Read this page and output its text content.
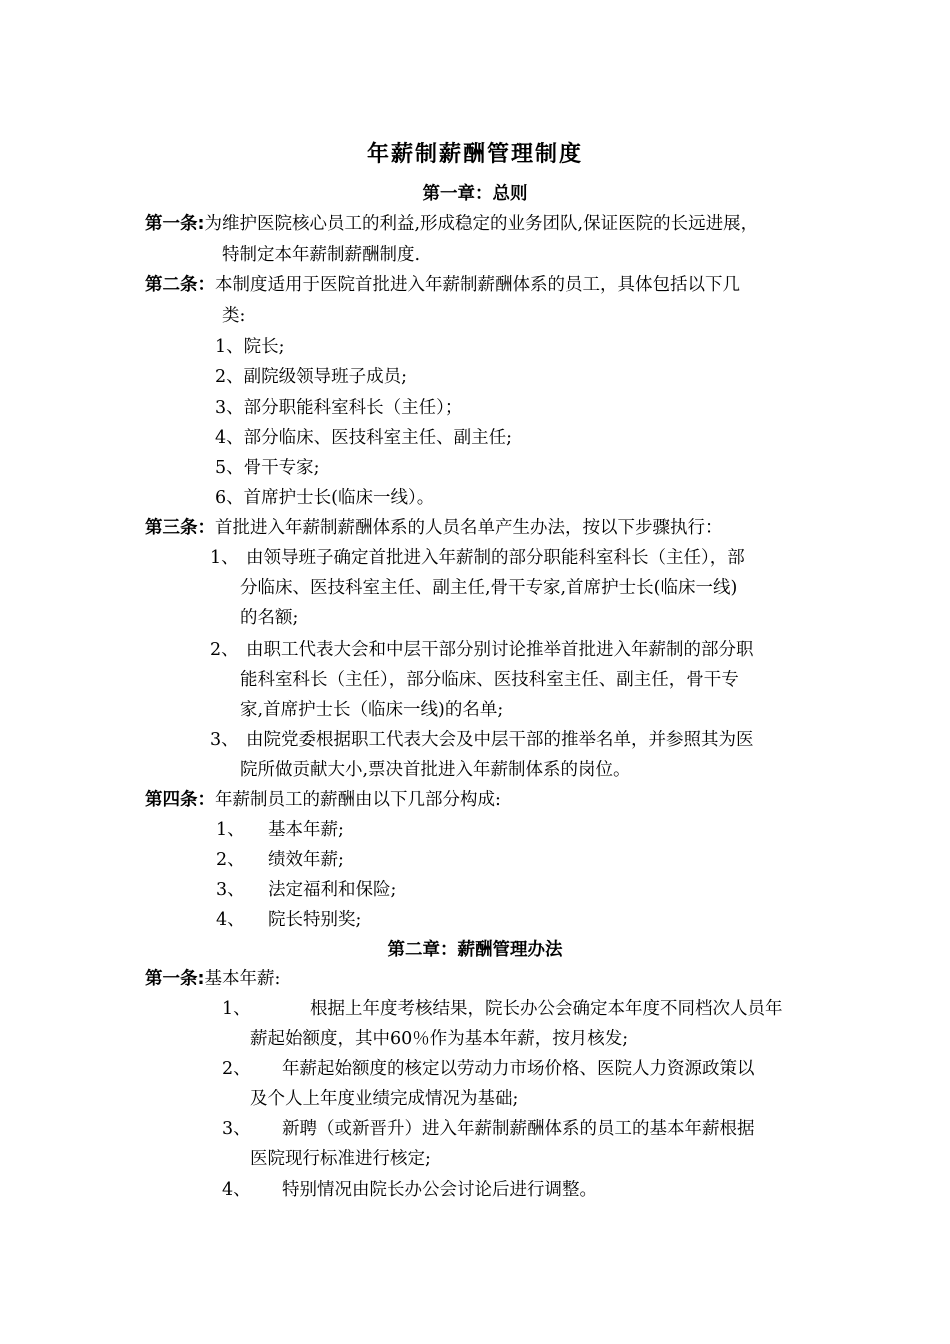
年薪制薪酬管理制度
第一章：总则
第一条:为维护医院核心员工的利益,形成稳定的业务团队,保证医院的长远进展，
特制定本年薪制薪酬制度.
第二条：本制度适用于医院首批进入年薪制薪酬体系的员工，具体包括以下几
类:
1、院长;
2、副院级领导班子成员;
3、部分职能科室科长（主任）；
4、部分临床、医技科室主任、副主任;
5、骨干专家;
6、首席护士长(临床一线）。
第三条：首批进入年薪制薪酬体系的人员名单产生办法，按以下步骤执行：
1、 由领导班子确定首批进入年薪制的部分职能科室科长（主任），部
分临床、医技科室主任、副主任,骨干专家,首席护士长(临床一线)
的名额;
2、 由职工代表大会和中层干部分别讨论推举首批进入年薪制的部分职
能科室科长（主任），部分临床、医技科室主任、副主任，骨干专
家,首席护士长（临床一线)的名单;
3、 由院党委根据职工代表大会及中层干部的推举名单，并参照其为医
院所做贡献大小,票决首批进入年薪制体系的岗位。
第四条：年薪制员工的薪酬由以下几部分构成:
1、 基本年薪;
2、 绩效年薪;
3、 法定福利和保险;
4、 院长特别奖;
第二章：薪酬管理办法
第一条:基本年薪:
1、	根据上年度考核结果，院长办公会确定本年度不同档次人员年
薪起始额度，其中60％作为基本年薪，按月核发;
2、 年薪起始额度的核定以劳动力市场价格、医院人力资源政策以
及个人上年度业绩完成情况为基础;
3、 新聘（或新晋升）进入年薪制薪酬体系的员工的基本年薪根据
医院现行标准进行核定;
4、 特别情况由院长办公会讨论后进行调整。
